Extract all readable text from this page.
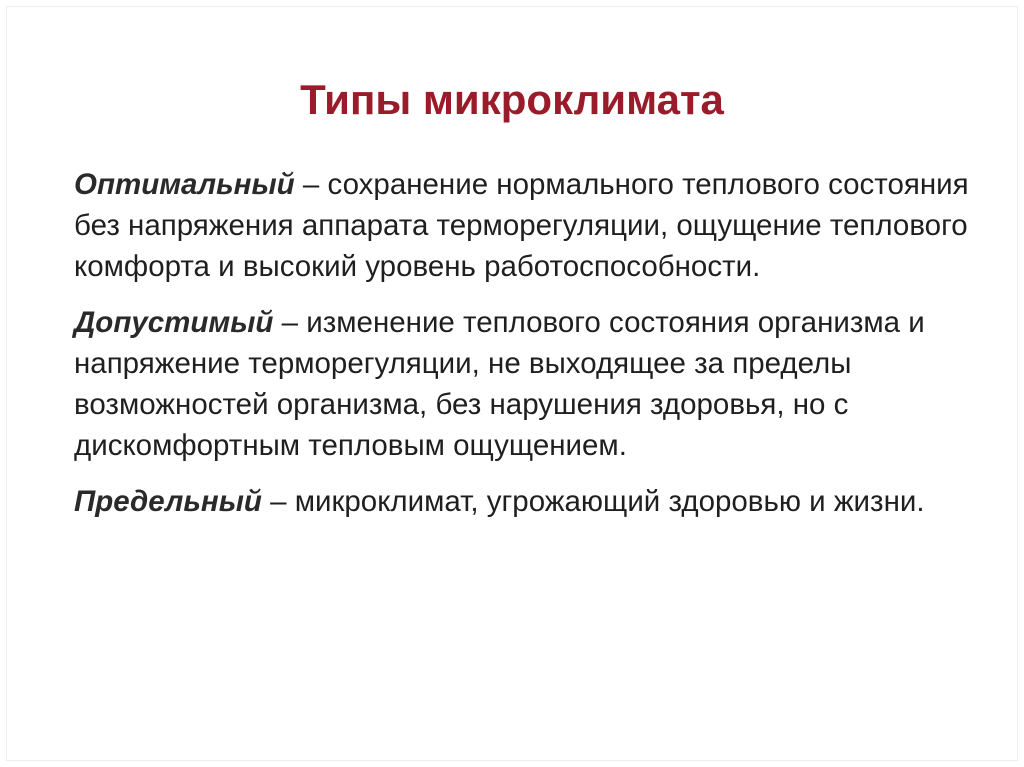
Типы микроклимата

Оптимальный – сохранение нормального теплового состояния без напряжения аппарата терморегуляции, ощущение теплового комфорта и высокий уровень работоспособности.

Допустимый – изменение теплового состояния организма и напряжение терморегуляции, не выходящее за пределы возможностей организма, без нарушения здоровья, но с дискомфортным тепловым ощущением.

Предельный – микроклимат, угрожающий здоровью и жизни.
